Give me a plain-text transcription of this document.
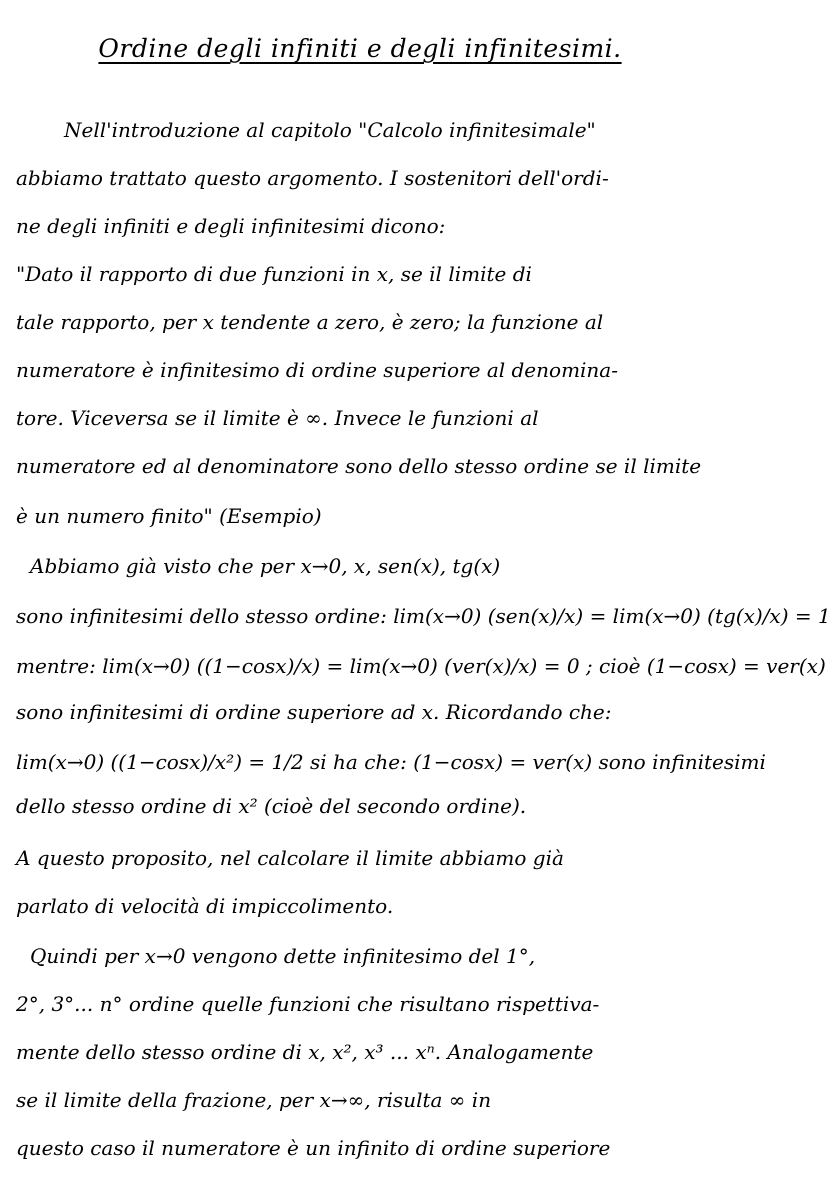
Ordine degli infiniti e degli infinitesimi.
Nell'introduzione al capitolo "Calcolo infinitesimale"
abbiamo trattato questo argomento. I sostenitori dell'ordi-
ne degli infiniti e degli infinitesimi dicono:
"Dato il rapporto di due funzioni in x, se il limite di
tale rapporto, per x tendente a zero, è zero; la funzione al
numeratore è infinitesimo di ordine superiore al denomina-
tore. Viceversa se il limite è ∞. Invece le funzioni al
numeratore ed al denominatore sono dello stesso ordine se il limite
è un numero finito" (Esempio)
Abbiamo già visto che per x→0, x, sen(x), tg(x)
sono infinitesimi dello stesso ordine: lim(x→0) (sen(x)/x) = lim(x→0) (tg(x)/x) = 1
mentre: lim(x→0) ((1−cosx)/x) = lim(x→0) (ver(x)/x) = 0 ; cioè (1−cosx) = ver(x)
sono infinitesimi di ordine superiore ad x. Ricordando che:
lim(x→0) ((1−cosx)/x²) = 1/2 si ha che: (1−cosx) = ver(x) sono infinitesimi
dello stesso ordine di x² (cioè del secondo ordine).
A questo proposito, nel calcolare il limite abbiamo già
parlato di velocità di impiccolimento.
Quindi per x→0 vengono dette infinitesimo del 1°,
2°, 3°... n° ordine quelle funzioni che risultano rispettiva-
mente dello stesso ordine di x, x², x³ ... xⁿ. Analogamente
se il limite della frazione, per x→∞, risulta ∞ in
questo caso il numeratore è un infinito di ordine superiore
